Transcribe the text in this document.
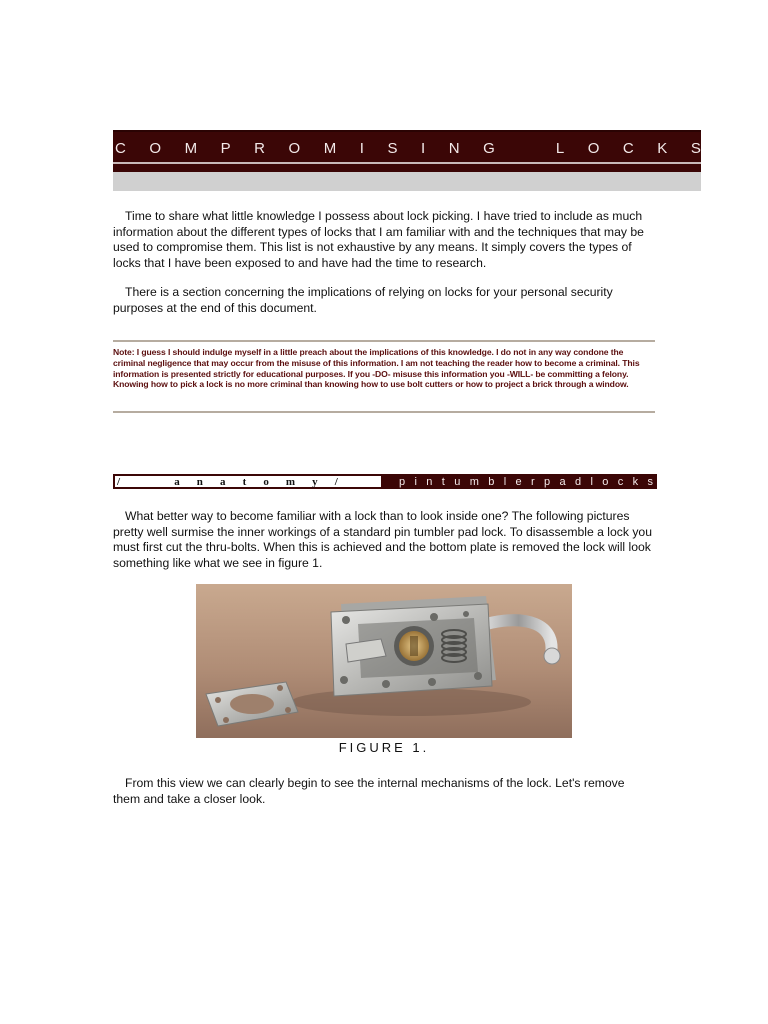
C O M P R O M I S I N G	L O C K S
Time to share what little knowledge I possess about lock picking. I have tried to include as much information about the different types of locks that I am familiar with and the techniques that may be used to compromise them. This list is not exhaustive by any means. It simply covers the types of locks that I have been exposed to and have had the time to research.
There is a section concerning the implications of relying on locks for your personal security purposes at the end of this document.
Note: I guess I should indulge myself in a little preach about the implications of this knowledge. I do not in any way condone the criminal negligence that may occur from the misuse of this information. I am not teaching the reader how to become a criminal. This information is presented strictly for educational purposes. If you -DO- misuse this information you -WILL- be committing a felony. Knowing how to pick a lock is no more criminal than knowing how to use bolt cutters or how to project a brick through a window.
/	a n a t o m y /	p i n t u m b l e r p a d l o c k s
What better way to become familiar with a lock than to look inside one? The following pictures pretty well surmise the inner workings of a standard pin tumbler pad lock. To disassemble a lock you must first cut the thru-bolts. When this is achieved and the bottom plate is removed the lock will look something like what we see in figure 1.
FIGURE 1.
From this view we can clearly begin to see the internal mechanisms of the lock. Let's remove them and take a closer look.
